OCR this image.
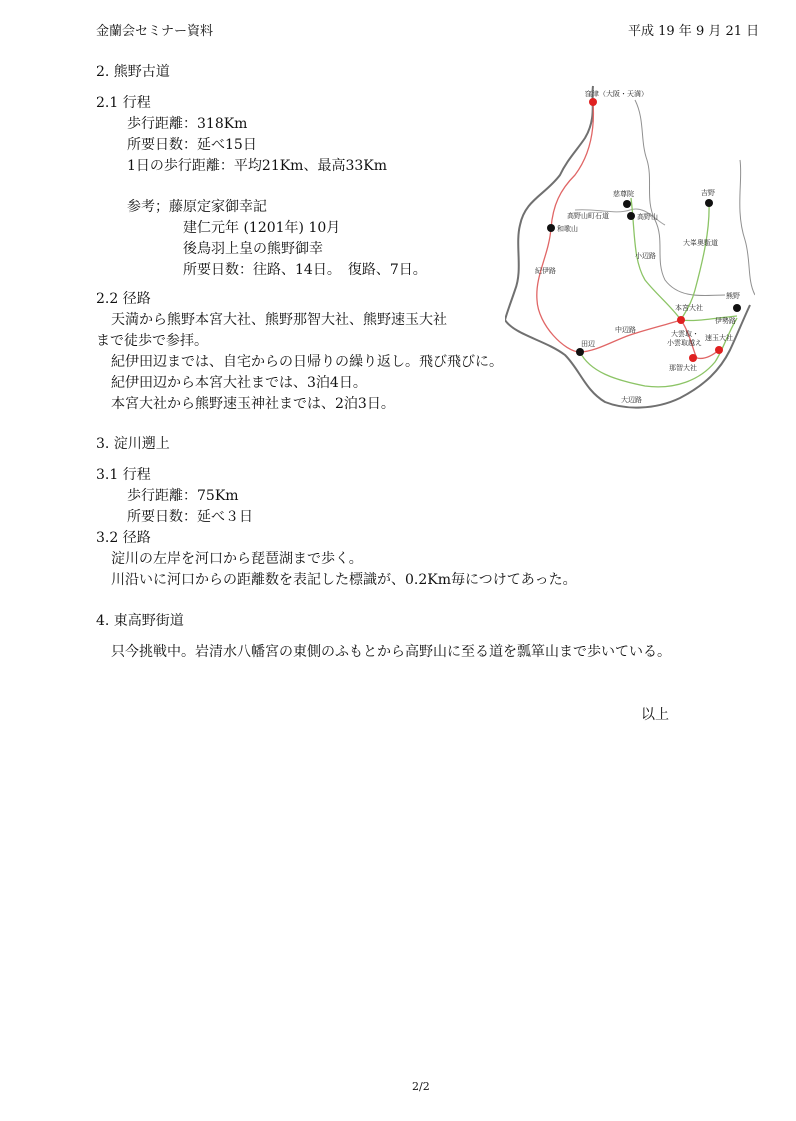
金蘭会セミナー資料	平成 19 年 9 月 21 日
2. 熊野古道
2.1 行程
歩行距離：318Km
所要日数：延べ15日
1日の歩行距離：平均21Km、最高33Km
参考；藤原定家御幸記
建仁元年 (1201年) 10月
後鳥羽上皇の熊野御幸
所要日数：往路、14日。　復路、7日。
2.2 径路
天満から熊野本宮大社、熊野那智大社、熊野速玉大社
まで徒歩で参拝。
紀伊田辺までは、自宅からの日帰りの繰り返し。飛び飛びに。
紀伊田辺から本宮大社までは、3泊4日。
本宮大社から熊野速玉神社までは、2泊3日。
3. 淀川遡上
3.1 行程
歩行距離：75Km
所要日数：延べ３日
3.2 径路
淀川の左岸を河口から琵琶湖まで歩く。
川沿いに河口からの距離数を表記した標識が、0.2Km毎につけてあった。
4. 東高野街道
只今挑戦中。岩清水八幡宮の東側のふもとから高野山に至る道を瓢箪山まで歩いている。
以上
2/2
窪津（大阪・天満）
慈尊院
高野山町石道	高野山
吉野
和歌山
大峯奥駈道
紀伊路
小辺路
本宮大社
熊野
伊勢路
中辺路
田辺
大雲取・
小雲取越え
速玉大社
那智大社
大辺路
